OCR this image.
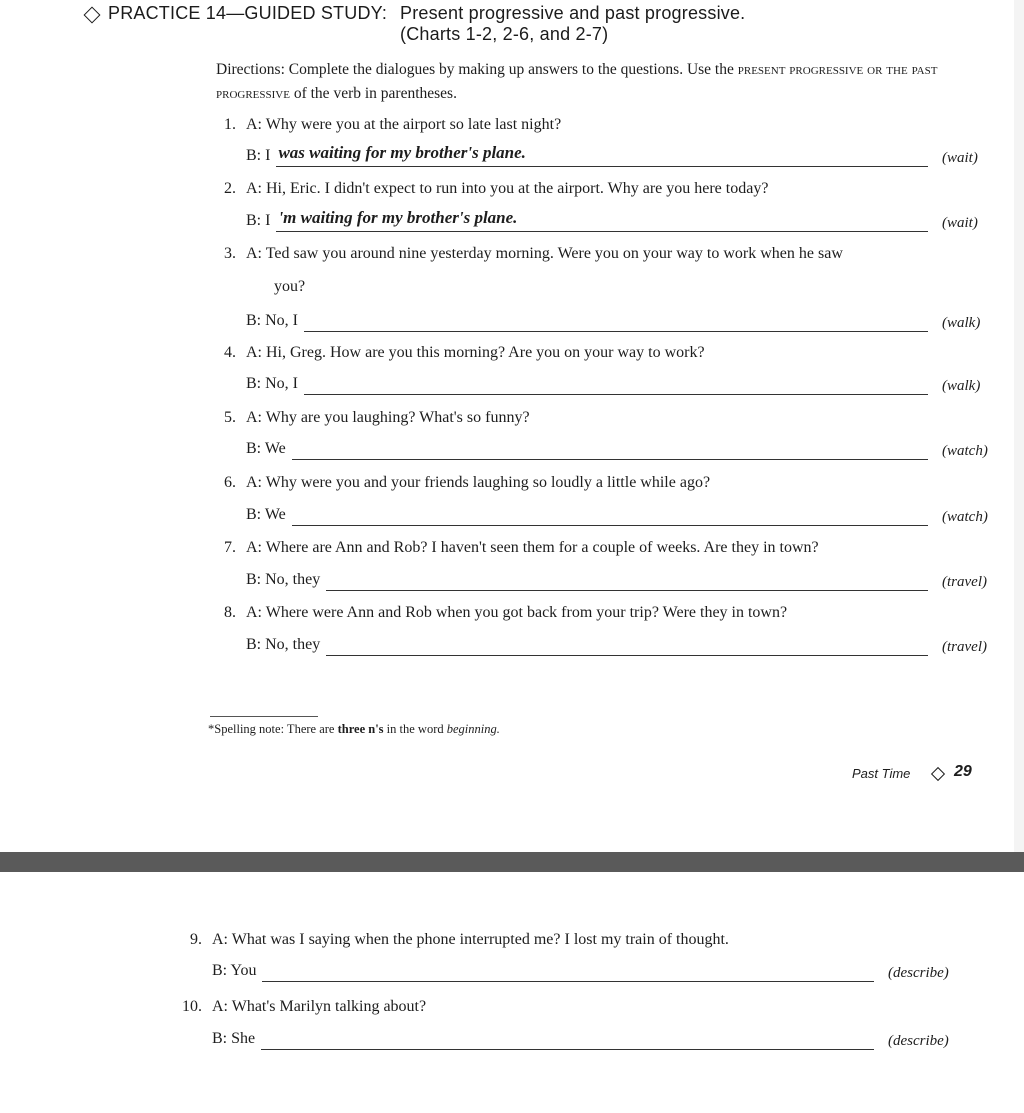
PRACTICE 14—GUIDED STUDY: Present progressive and past progressive.
(Charts 1-2, 2-6, and 2-7)
Directions: Complete the dialogues by making up answers to the questions. Use the present progressive or the past progressive of the verb in parentheses.
1. A: Why were you at the airport so late last night?
B: I was waiting for my brother's plane.	(wait)
2. A: Hi, Eric. I didn't expect to run into you at the airport. Why are you here today?
B: I 'm waiting for my brother's plane.	(wait)
3. A: Ted saw you around nine yesterday morning. Were you on your way to work when he saw
you?
B: No, I	(walk)
4. A: Hi, Greg. How are you this morning? Are you on your way to work?
B: No, I	(walk)
5. A: Why are you laughing? What's so funny?
B: We	(watch)
6. A: Why were you and your friends laughing so loudly a little while ago?
B: We	(watch)
7. A: Where are Ann and Rob? I haven't seen them for a couple of weeks. Are they in town?
B: No, they	(travel)
8. A: Where were Ann and Rob when you got back from your trip? Were they in town?
B: No, they	(travel)
*Spelling note: There are three n's in the word beginning.
Past Time	29
9. A: What was I saying when the phone interrupted me? I lost my train of thought.
B: You	(describe)
10. A: What's Marilyn talking about?
B: She	(describe)
